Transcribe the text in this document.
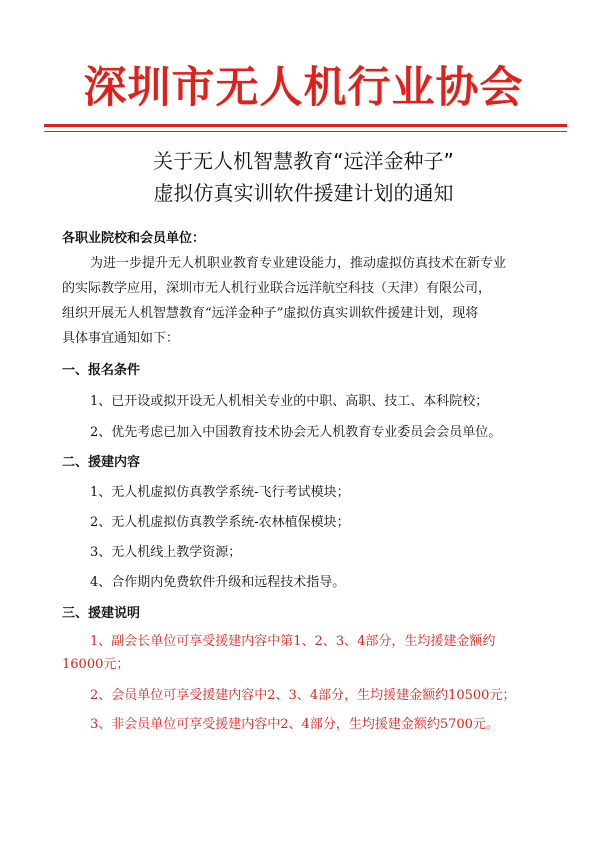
深圳市无人机行业协会
关于无人机智慧教育“远洋金种子”
虚拟仿真实训软件援建计划的通知
各职业院校和会员单位：
为进一步提升无人机职业教育专业建设能力，推动虚拟仿真技术在新专业
的实际教学应用，深圳市无人机行业联合远洋航空科技（天津）有限公司，
组织开展无人机智慧教育“远洋金种子”虚拟仿真实训软件援建计划，现将
具体事宜通知如下：
一、报名条件
1、已开设或拟开设无人机相关专业的中职、高职、技工、本科院校；
2、优先考虑已加入中国教育技术协会无人机教育专业委员会会员单位。
二、援建内容
1、无人机虚拟仿真教学系统-飞行考试模块；
2、无人机虚拟仿真教学系统-农林植保模块；
3、无人机线上教学资源；
4、合作期内免费软件升级和远程技术指导。
三、援建说明
1、副会长单位可享受援建内容中第1、2、3、4部分，生均援建金额约
16000元；
2、会员单位可享受援建内容中2、3、4部分，生均援建金额约10500元；
3、非会员单位可享受援建内容中2、4部分，生均援建金额约5700元。
